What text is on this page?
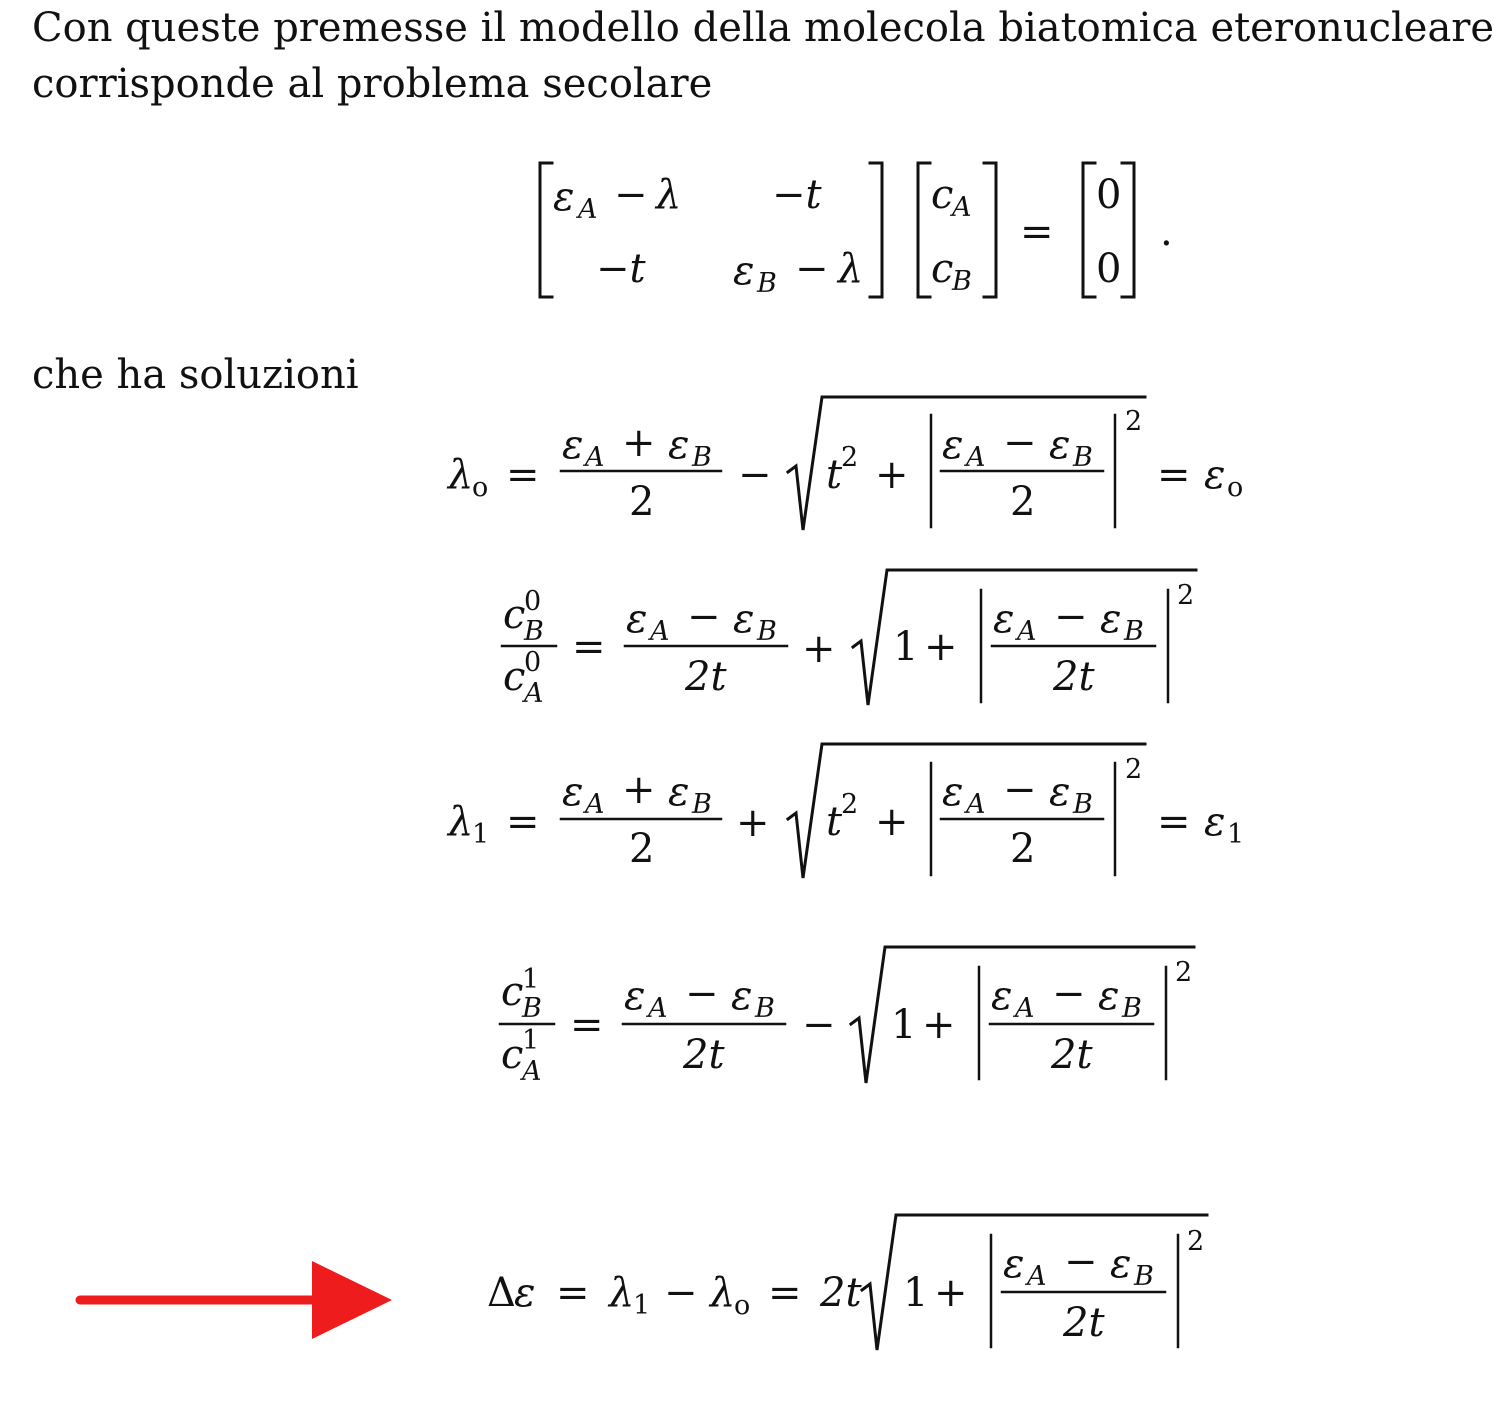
Con queste premesse il modello della molecola biatomica eteronucleare
corrisponde al problema secolare

che ha soluzioni

ε A − λ −t
−t ε B − λ
c
A
c
B
=
0
0
.
λ
o =
ε A + ε B
2
− t
2 +
ε A − ε B
2
2
= ε o
c
0
B
c
0
A
=
ε A − ε B
2t
+ 1 +
ε A − ε B
2t
2
λ
1 =
ε A + ε B
2
+ t
2 +
ε A − ε B
2
2
= ε 1
c
1
B
c
1
A
=
ε A − ε B
2t
− 1 +
ε A − ε B
2t
2
Δ
ε = λ
1 − λ
o = 2t 1 +
ε A − ε B
2t
2
